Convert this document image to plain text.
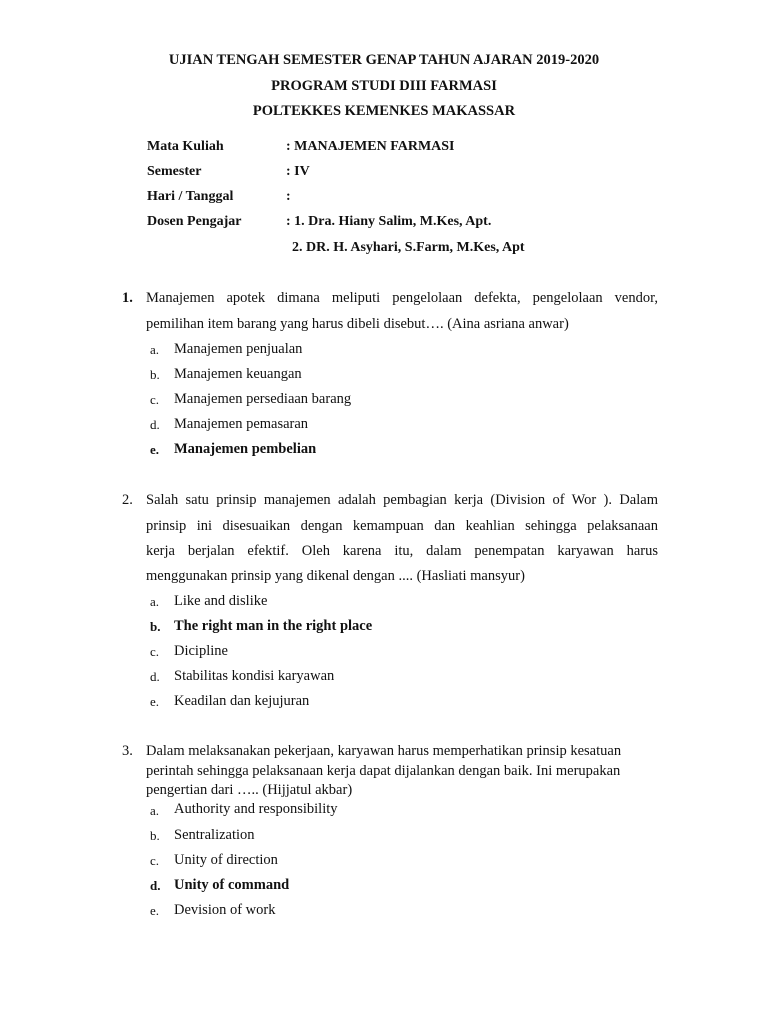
UJIAN TENGAH SEMESTER GENAP TAHUN AJARAN 2019-2020
PROGRAM STUDI DIII FARMASI
POLTEKKES KEMENKES MAKASSAR
Mata Kuliah	: MANAJEMEN FARMASI
Semester	: IV
Hari / Tanggal	:
Dosen Pengajar	: 1. Dra. Hiany Salim, M.Kes, Apt.
2. DR. H. Asyhari, S.Farm, M.Kes, Apt
1. Manajemen apotek dimana meliputi pengelolaan defekta, pengelolaan vendor,
pemilihan item barang yang harus dibeli disebut…. (Aina asriana anwar)
a. Manajemen penjualan
b. Manajemen keuangan
c. Manajemen persediaan barang
d. Manajemen pemasaran
e. Manajemen pembelian
2. Salah satu prinsip manajemen adalah pembagian kerja (Division of Wor ). Dalam
prinsip ini disesuaikan dengan kemampuan dan keahlian sehingga pelaksanaan
kerja berjalan efektif. Oleh karena itu, dalam penempatan karyawan harus
menggunakan prinsip yang dikenal dengan .... (Hasliati mansyur)
a. Like and dislike
b. The right man in the right place
c. Dicipline
d. Stabilitas kondisi karyawan
e. Keadilan dan kejujuran
3. Dalam melaksanakan pekerjaan, karyawan harus memperhatikan prinsip kesatuan
perintah sehingga pelaksanaan kerja dapat dijalankan dengan baik. Ini merupakan
pengertian dari ….. (Hijjatul akbar)
a. Authority and responsibility
b. Sentralization
c. Unity of direction
d. Unity of command
e. Devision of work
